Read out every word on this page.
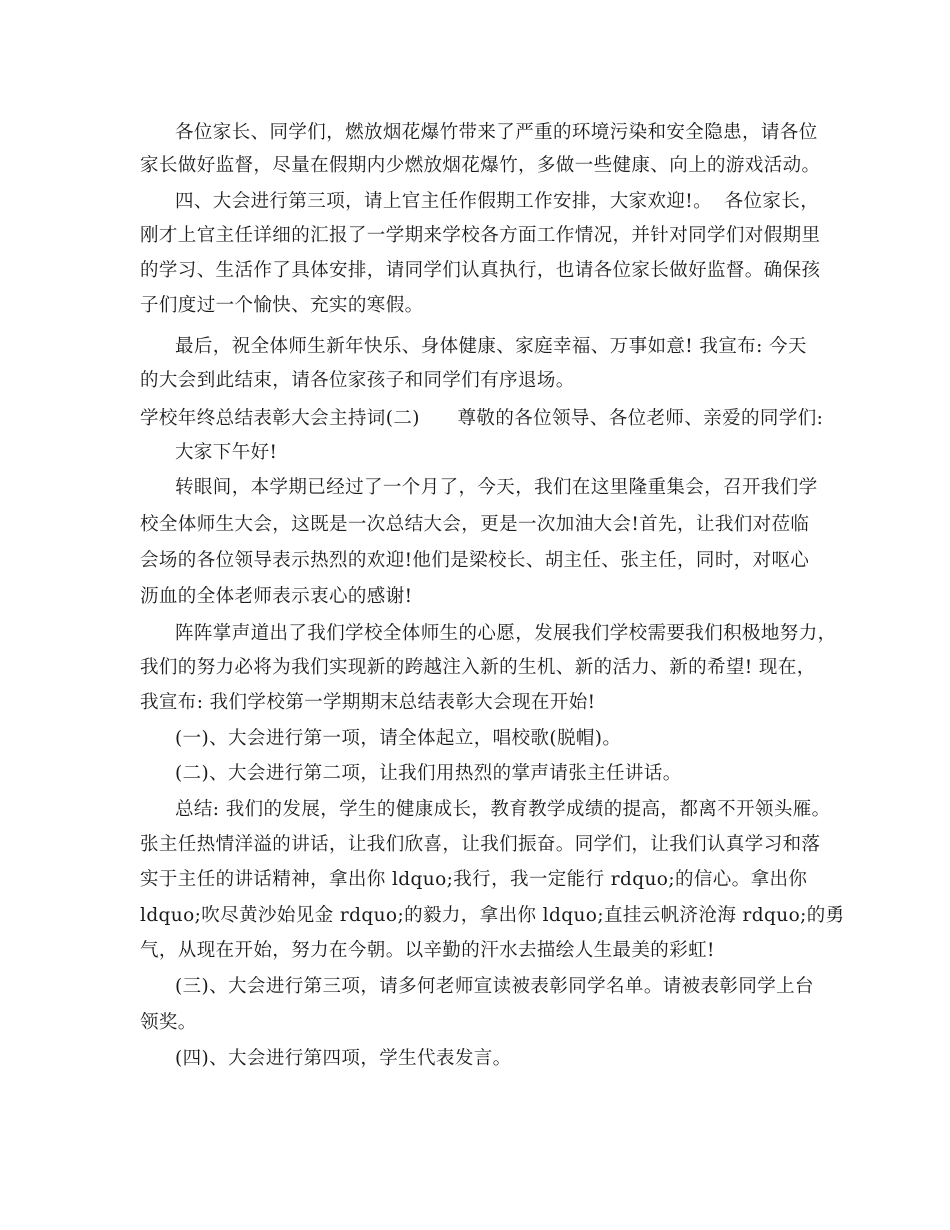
各位家长、同学们，燃放烟花爆竹带来了严重的环境污染和安全隐患，请各位
家长做好监督，尽量在假期内少燃放烟花爆竹，多做一些健康、向上的游戏活动。
四、大会进行第三项，请上官主任作假期工作安排，大家欢迎!。  各位家长，
刚才上官主任详细的汇报了一学期来学校各方面工作情况，并针对同学们对假期里
的学习、生活作了具体安排，请同学们认真执行，也请各位家长做好监督。确保孩
子们度过一个愉快、充实的寒假。
最后，祝全体师生新年快乐、身体健康、家庭幸福、万事如意! 我宣布: 今天
的大会到此结束，请各位家孩子和同学们有序退场。
学校年终总结表彰大会主持词(二)      尊敬的各位领导、各位老师、亲爱的同学们:
大家下午好!
转眼间，本学期已经过了一个月了，今天，我们在这里隆重集会，召开我们学
校全体师生大会，这既是一次总结大会，更是一次加油大会!首先，让我们对莅临
会场的各位领导表示热烈的欢迎!他们是梁校长、胡主任、张主任，同时，对呕心
沥血的全体老师表示衷心的感谢!
阵阵掌声道出了我们学校全体师生的心愿，发展我们学校需要我们积极地努力，
我们的努力必将为我们实现新的跨越注入新的生机、新的活力、新的希望! 现在，
我宣布: 我们学校第一学期期末总结表彰大会现在开始!
(一)、大会进行第一项，请全体起立，唱校歌(脱帽)。
(二)、大会进行第二项，让我们用热烈的掌声请张主任讲话。
总结: 我们的发展，学生的健康成长，教育教学成绩的提高，都离不开领头雁。
张主任热情洋溢的讲话，让我们欣喜，让我们振奋。同学们，让我们认真学习和落
实于主任的讲话精神，拿出你 ldquo;我行，我一定能行 rdquo;的信心。拿出你
ldquo;吹尽黄沙始见金 rdquo;的毅力，拿出你 ldquo;直挂云帆济沧海 rdquo;的勇
气，从现在开始，努力在今朝。以辛勤的汗水去描绘人生最美的彩虹!
(三)、大会进行第三项，请多何老师宣读被表彰同学名单。请被表彰同学上台
领奖。
(四)、大会进行第四项，学生代表发言。
